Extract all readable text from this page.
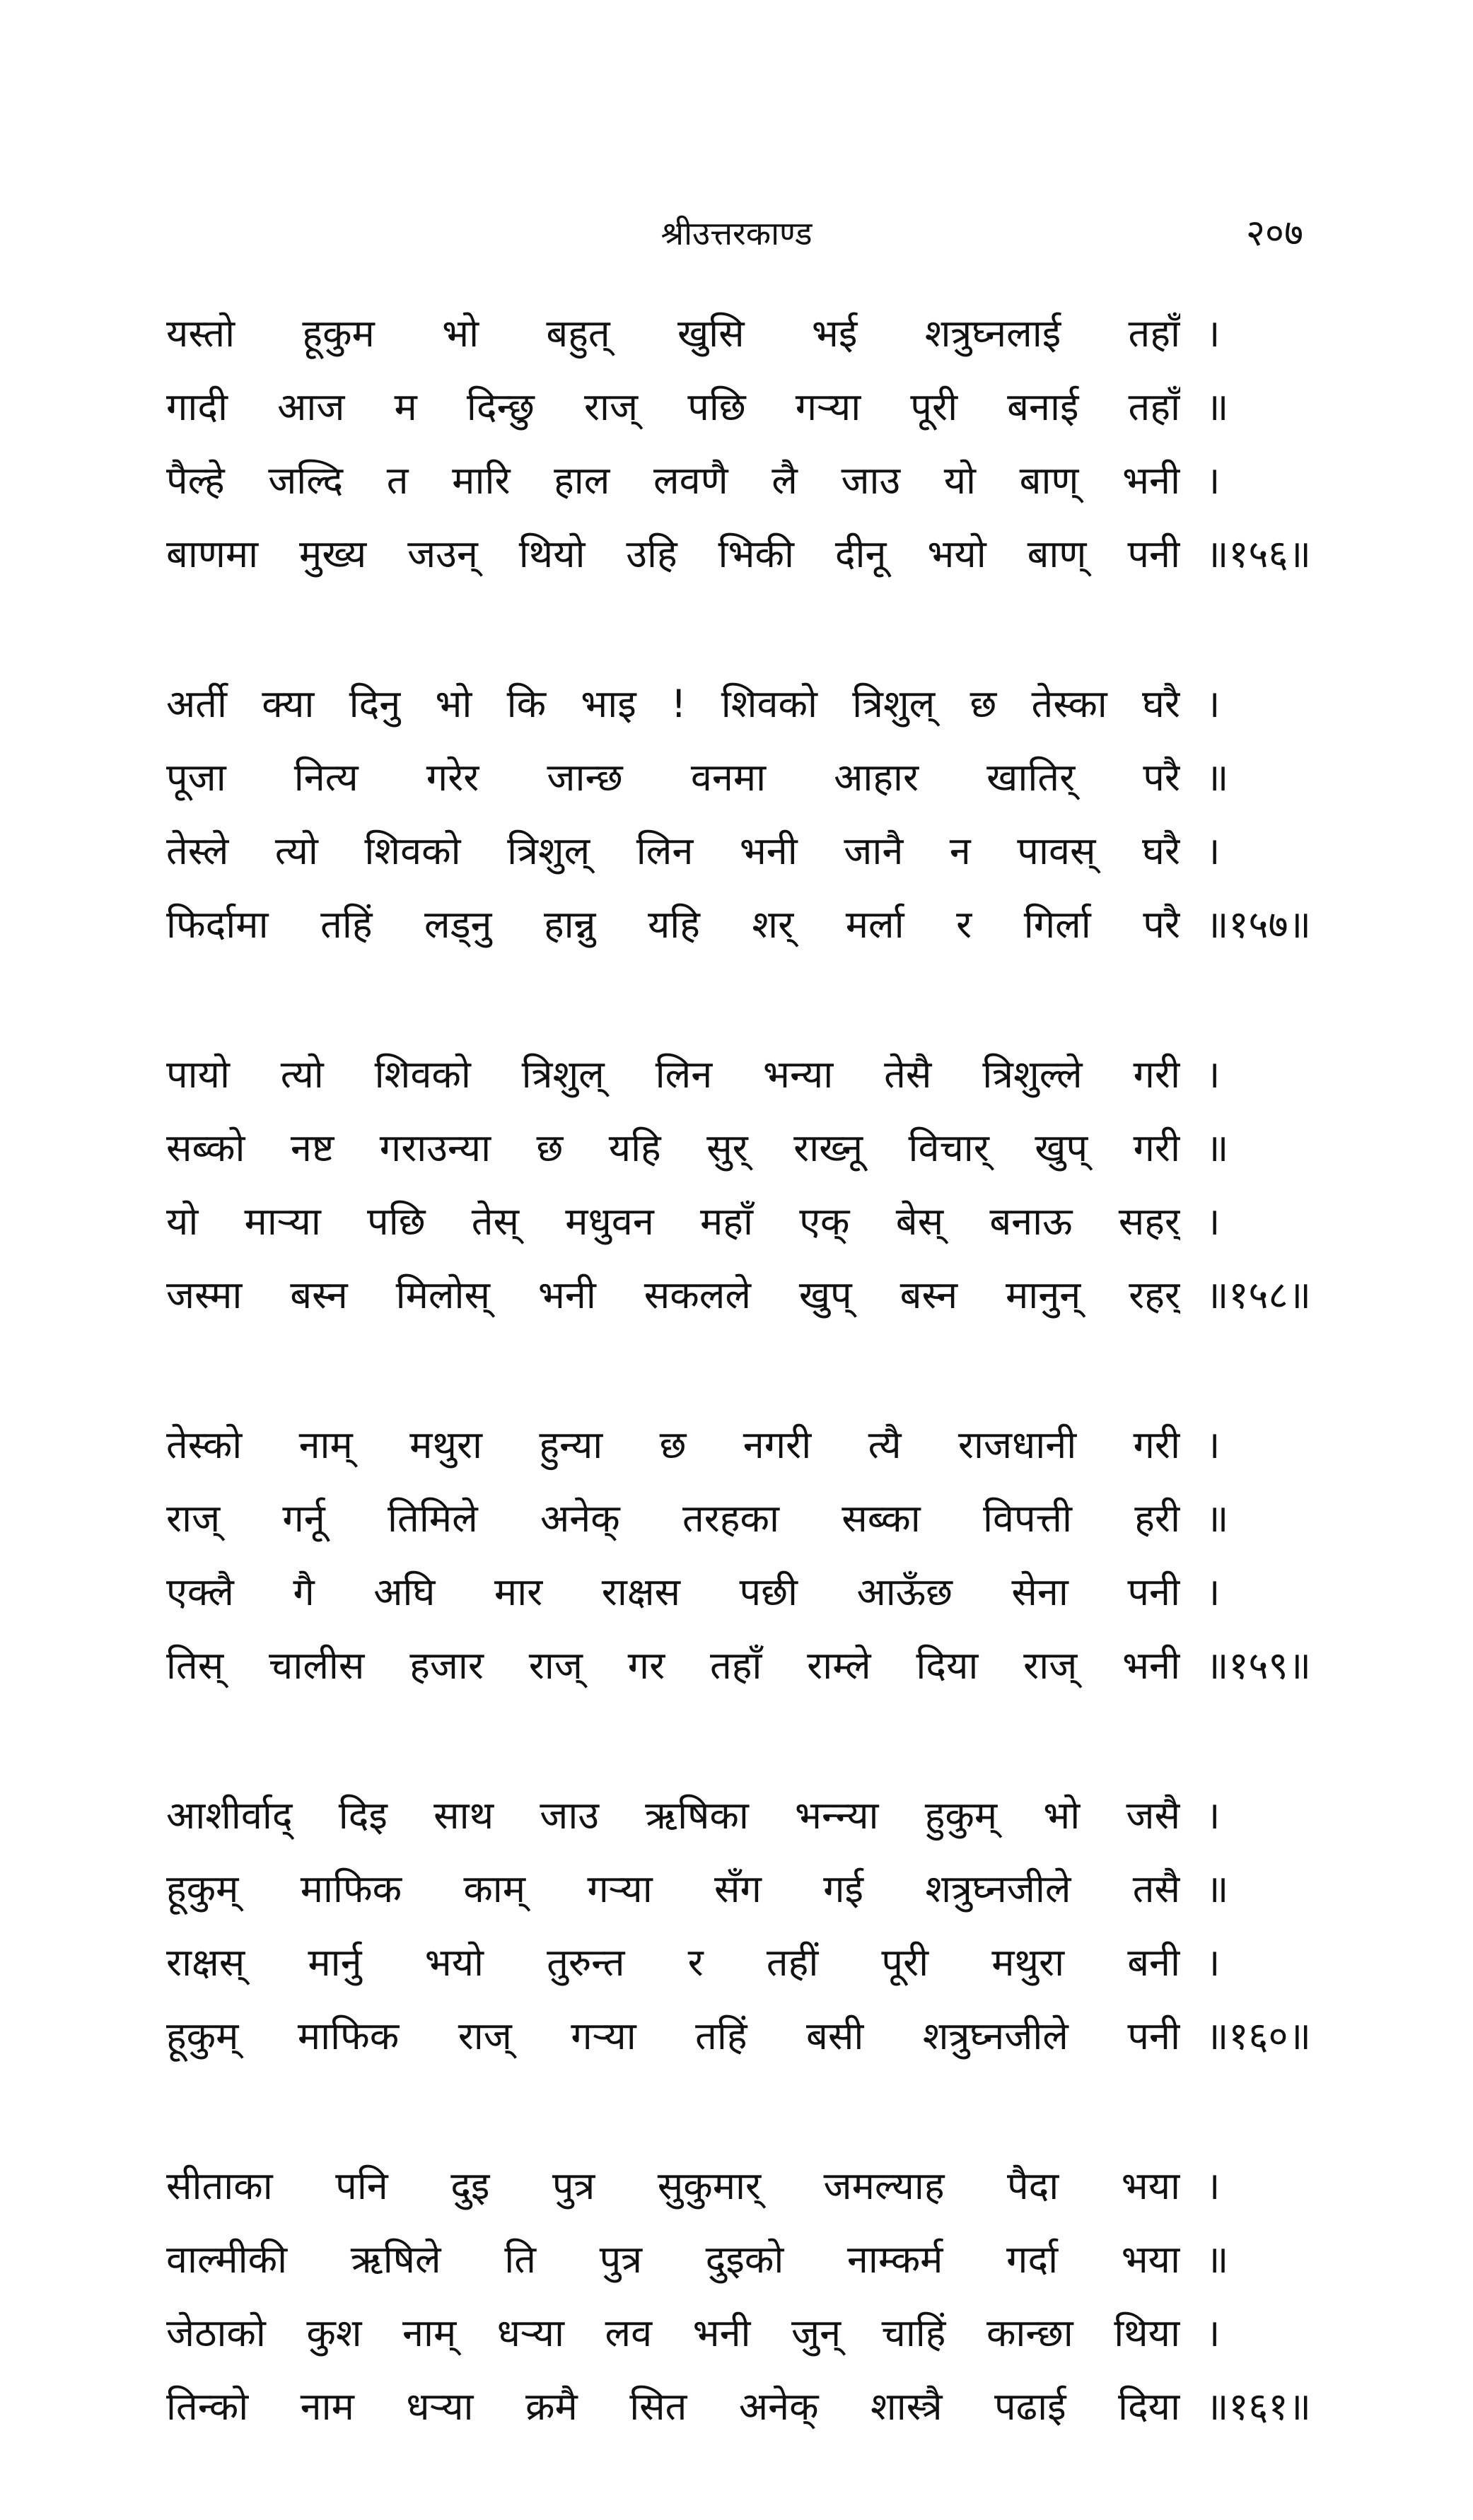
श्रीउत्तरकाण्ड	२०७
यस्तो हूकुम भो बहुत् खुसि भई शत्रुघ्नलाई तहाँ ।
गादी आज म दिन्छु राज् पछि गऱ्या पूरी बनाई तहाँ ॥
पैल्हे जल्दि त मारि हाल लवणै लै जाउ यो बाण् भनी ।
बाणमा मुख्य जउन् थियो उहि भिकी दीनू भयो बाण् पनी ॥१५६॥
अर्ती क्या दिनु भो कि भाइ ! शिवको त्रिशुल् छ तेस्का घरै ।
पूजा नित्य गरेर जान्छ वनमा आहार खातिर् परै ॥
तेस्ले त्यो शिवको त्रिशुल् लिन भनी जानै न पावस् घरै ।
फिर्दामा तहिं लड्नु हान्नु यहि शर् मर्ला र गिर्ला परै ॥१५७॥
पायो त्यो शिवको त्रिशुल् लिन भन्या तेसै त्रिशुल्ले गरी ।
सब्को नष्ट गराउन्या छ यहि सुर् राख्नू विचार् खुप् गरी ॥
यो माऱ्या पछि तेस् मधुवन महाँ एक् बेस् बनाऊ सहर् ।
जस्मा बस्न मिलोस् भनी सकलले खुप् बस्न मानुन् रहर् ॥१५८॥
तेस्को नाम् मथुरा हुन्या छ नगरी त्यै राजधानी गरी ।
राज् गर्नू तिमिले अनेक् तरहका सब्का विपत्ती हरी ॥
एक्लै गै अघि मार राक्षस पछी आऊँछ सेना पनी ।
तिस् चालीस हजार राज् गर तहाँ राम्ले दिया राज् भनी ॥१५९॥
आशीर्वाद् दिइ साथ जाउ ऋषिका भन्न्या हुकुम् भो जसै ।
हूकुम् माफिक काम् गऱ्या सँग गई शत्रुघ्नजीले तसै ॥
राक्षस् मार्नु भयो तुरुन्त र तहीं पूरी मथुरा बनी ।
हूकुम् माफिक राज् गऱ्या तहिं बसी शत्रुघ्नजीले पनी ॥१६०॥
सीताका पनि दुइ पुत्र सुकुमार् जमल्याह पैदा भया ।
वाल्मीकी ऋषिले ति पुत्र दुइको नाम्कर्म गर्दा भया ॥
जेठाको कुश नाम् धऱ्या लव भनी जुन् चाहिं कान्छा थिया ।
तिन्को नाम धऱ्या क्रमै सित अनेक् शास्त्रै पढाई दिया ॥१६१॥
